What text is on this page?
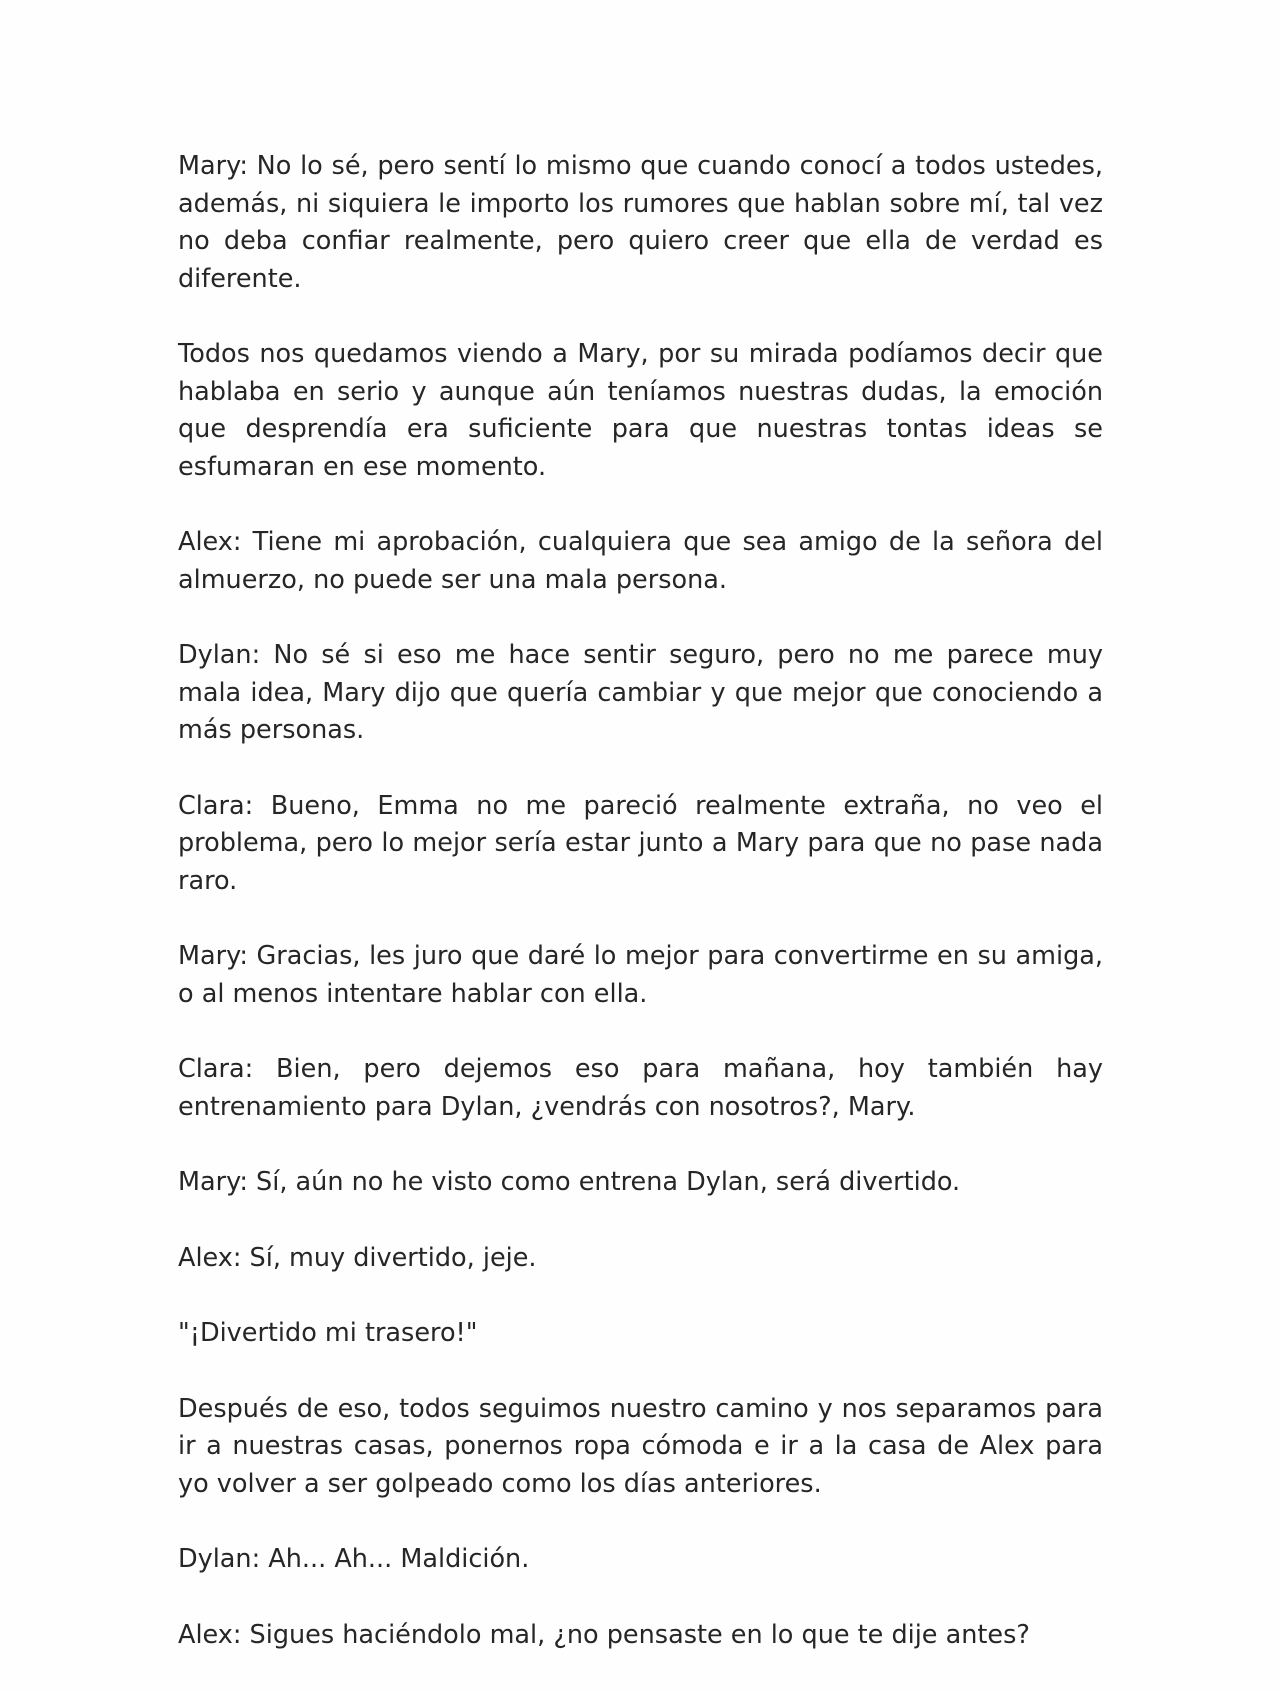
Mary: No lo sé, pero sentí lo mismo que cuando conocí a todos ustedes, además, ni siquiera le importo los rumores que hablan sobre mí, tal vez no deba confiar realmente, pero quiero creer que ella de verdad es diferente.

Todos nos quedamos viendo a Mary, por su mirada podíamos decir que hablaba en serio y aunque aún teníamos nuestras dudas, la emoción que desprendía era suficiente para que nuestras tontas ideas se esfumaran en ese momento.

Alex: Tiene mi aprobación, cualquiera que sea amigo de la señora del almuerzo, no puede ser una mala persona.

Dylan: No sé si eso me hace sentir seguro, pero no me parece muy mala idea, Mary dijo que quería cambiar y que mejor que conociendo a más personas.

Clara: Bueno, Emma no me pareció realmente extraña, no veo el problema, pero lo mejor sería estar junto a Mary para que no pase nada raro.

Mary: Gracias, les juro que daré lo mejor para convertirme en su amiga, o al menos intentare hablar con ella.

Clara: Bien, pero dejemos eso para mañana, hoy también hay entrenamiento para Dylan, ¿vendrás con nosotros?, Mary.

Mary: Sí, aún no he visto como entrena Dylan, será divertido.

Alex: Sí, muy divertido, jeje.

"¡Divertido mi trasero!"

Después de eso, todos seguimos nuestro camino y nos separamos para ir a nuestras casas, ponernos ropa cómoda e ir a la casa de Alex para yo volver a ser golpeado como los días anteriores.

Dylan: Ah... Ah... Maldición.

Alex: Sigues haciéndolo mal, ¿no pensaste en lo que te dije antes?
